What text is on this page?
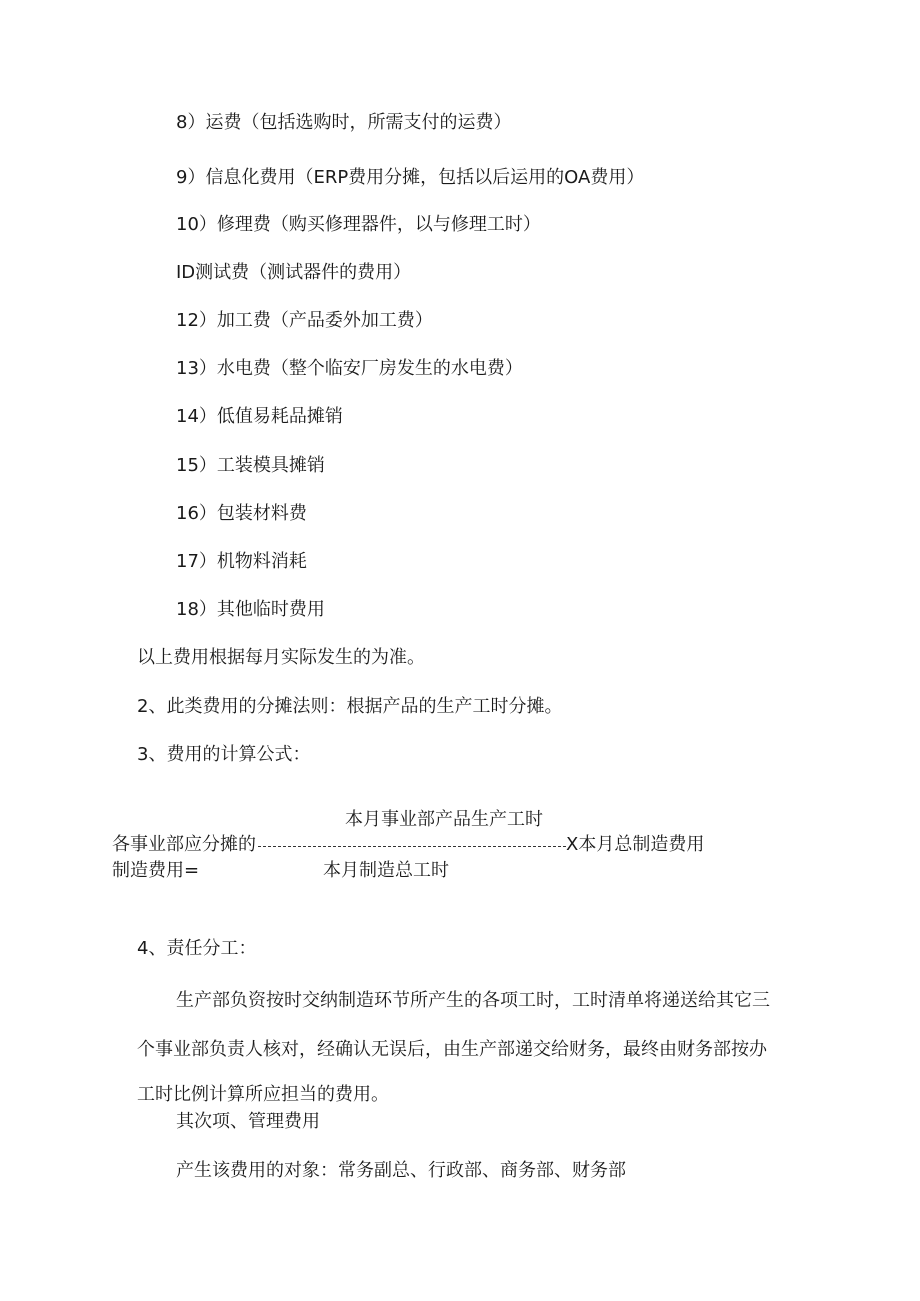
8）运费（包括选购时，所需支付的运费）
9）信息化费用（ERP费用分摊，包括以后运用的OA费用）
10）修理费（购买修理器件，以与修理工时）
ID测试费（测试器件的费用）
12）加工费（产品委外加工费）
13）水电费（整个临安厂房发生的水电费）
14）低值易耗品摊销
15）工装模具摊销
16）包装材料费
17）机物料消耗
18）其他临时费用
以上费用根据每月实际发生的为准。
2、此类费用的分摊法则：根据产品的生产工时分摊。
3、费用的计算公式：
本月事业部产品生产工时
各事业部应分摊的	X本月总制造费用
制造费用=	本月制造总工时
4、责任分工：
生产部负资按时交纳制造环节所产生的各项工时，工时清单将递送给其它三
个事业部负责人核对，经确认无误后，由生产部递交给财务，最终由财务部按办
工时比例计算所应担当的费用。
其次项、管理费用
产生该费用的对象：常务副总、行政部、商务部、财务部
